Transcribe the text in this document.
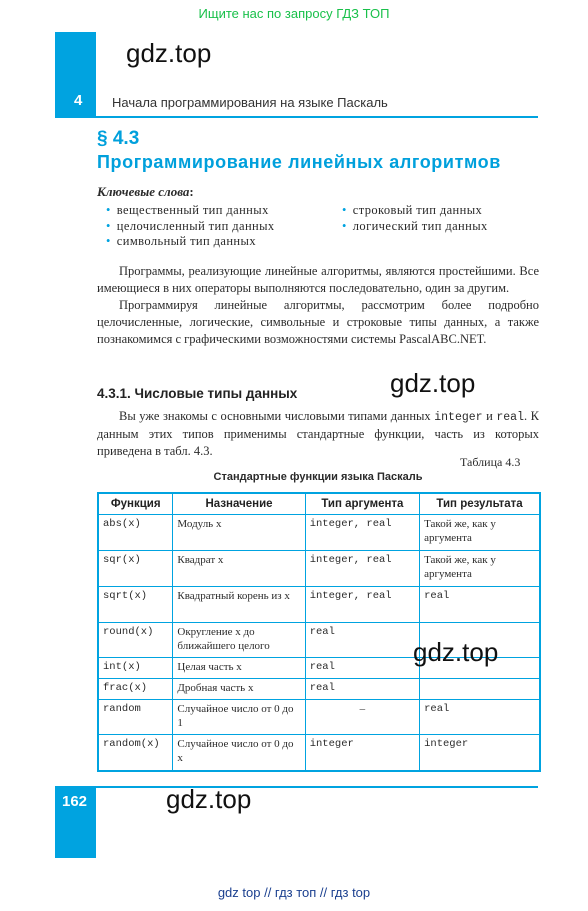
Ищите нас по запросу ГДЗ ТОП
4 Начала программирования на языке Паскаль
gdz.top
§ 4.3
Программирование линейных алгоритмов
Ключевые слова:
• вещественный тип данных
• целочисленный тип данных
• символьный тип данных
• строковый тип данных
• логический тип данных

Программы, реализующие линейные алгоритмы, являются простейшими. Все имеющиеся в них операторы выполняются последовательно, один за другим.

Программируя линейные алгоритмы, рассмотрим более подробно целочисленные, логические, символьные и строковые типы данных, а также познакомимся с графическими возможностями системы PascalABC.NET.

gdz.top
4.3.1. Числовые типы данных

Вы уже знакомы с основными числовыми типами данных integer и real. К данным этих типов применимы стандартные функции, часть из которых приведена в табл. 4.3.

Таблица 4.3
Стандартные функции языка Паскаль
Функция	Назначение	Тип аргумента	Тип результата
abs(x)	Модуль x	integer, real	Такой же, как у аргумента
sqr(x)	Квадрат x	integer, real	Такой же, как у аргумента
sqrt(x)	Квадратный корень из x	integer, real	real
round(x)	Округление x до ближайшего целого	real	
int(x)	Целая часть x	real	
frac(x)	Дробная часть x	real	
random	Случайное число от 0 до 1	–	real
random(x)	Случайное число от 0 до x	integer	integer
gdz.top
162	gdz.top
gdz top // гдз топ // гдз top
